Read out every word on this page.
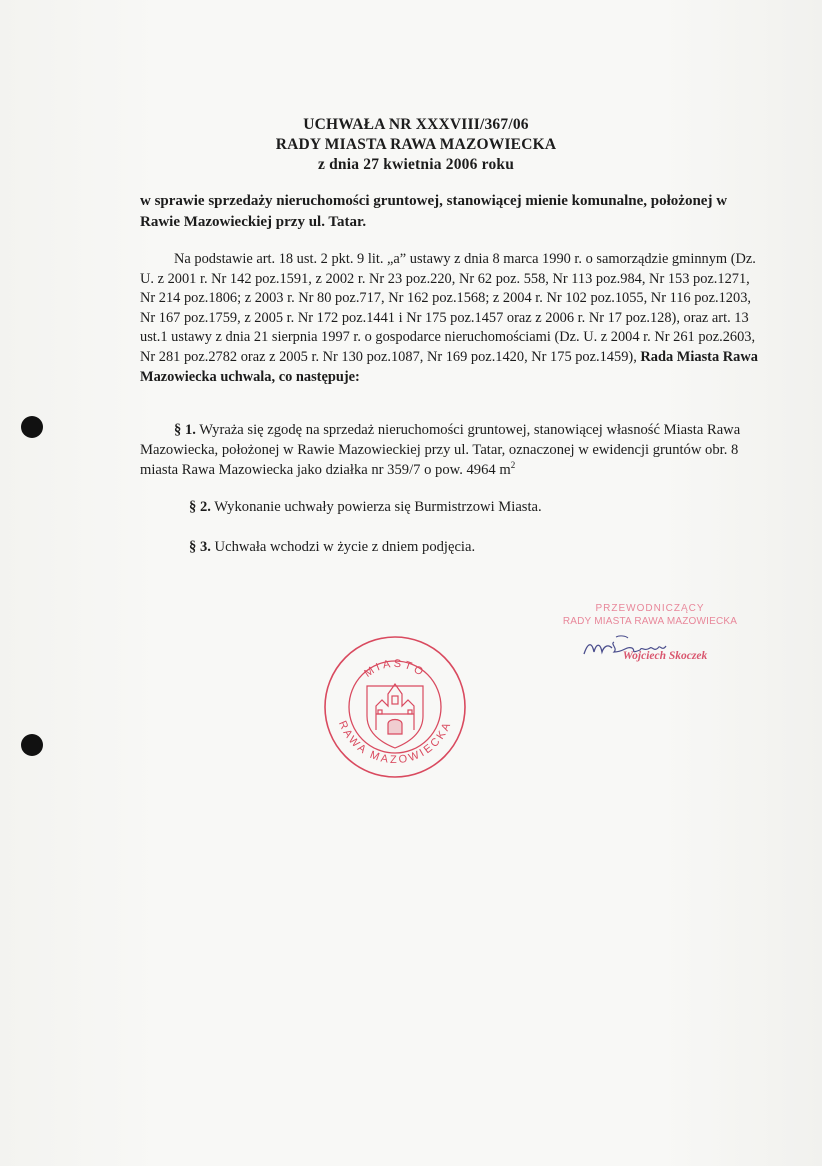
UCHWAŁA NR XXXVIII/367/06
RADY MIASTA RAWA MAZOWIECKA
z dnia 27 kwietnia 2006 roku
w sprawie sprzedaży nieruchomości gruntowej, stanowiącej mienie komunalne, położonej w Rawie Mazowieckiej przy ul. Tatar.
Na podstawie art. 18 ust. 2 pkt. 9 lit. „a” ustawy z dnia 8 marca 1990 r. o samorządzie gminnym (Dz. U. z 2001 r. Nr 142 poz.1591, z 2002 r. Nr 23 poz.220, Nr 62 poz. 558, Nr 113 poz.984, Nr 153 poz.1271, Nr 214 poz.1806; z 2003 r. Nr 80 poz.717, Nr 162 poz.1568; z 2004 r. Nr 102 poz.1055, Nr 116 poz.1203, Nr 167 poz.1759, z 2005 r. Nr 172 poz.1441 i Nr 175 poz.1457 oraz z 2006 r. Nr 17 poz.128), oraz art. 13 ust.1 ustawy z dnia 21 sierpnia 1997 r. o gospodarce nieruchomościami (Dz. U. z 2004 r. Nr 261 poz.2603, Nr 281 poz.2782 oraz z 2005 r. Nr 130 poz.1087, Nr 169 poz.1420, Nr 175 poz.1459), Rada Miasta Rawa Mazowiecka uchwala, co następuje:
§ 1. Wyraża się zgodę na sprzedaż nieruchomości gruntowej, stanowiącej własność Miasta Rawa Mazowiecka, położonej w Rawie Mazowieckiej przy ul. Tatar, oznaczonej w ewidencji gruntów obr. 8 miasta Rawa Mazowiecka jako działka nr 359/7 o pow. 4964 $m^2$
§ 2. Wykonanie uchwały powierza się Burmistrzowi Miasta.
§ 3. Uchwała wchodzi w życie z dniem podjęcia.
PRZEWODNICZĄCY
RADY MIASTA RAWA MAZOWIECKA
Wojciech Skoczek
MIASTO
RAWA MAZOWIECKA
